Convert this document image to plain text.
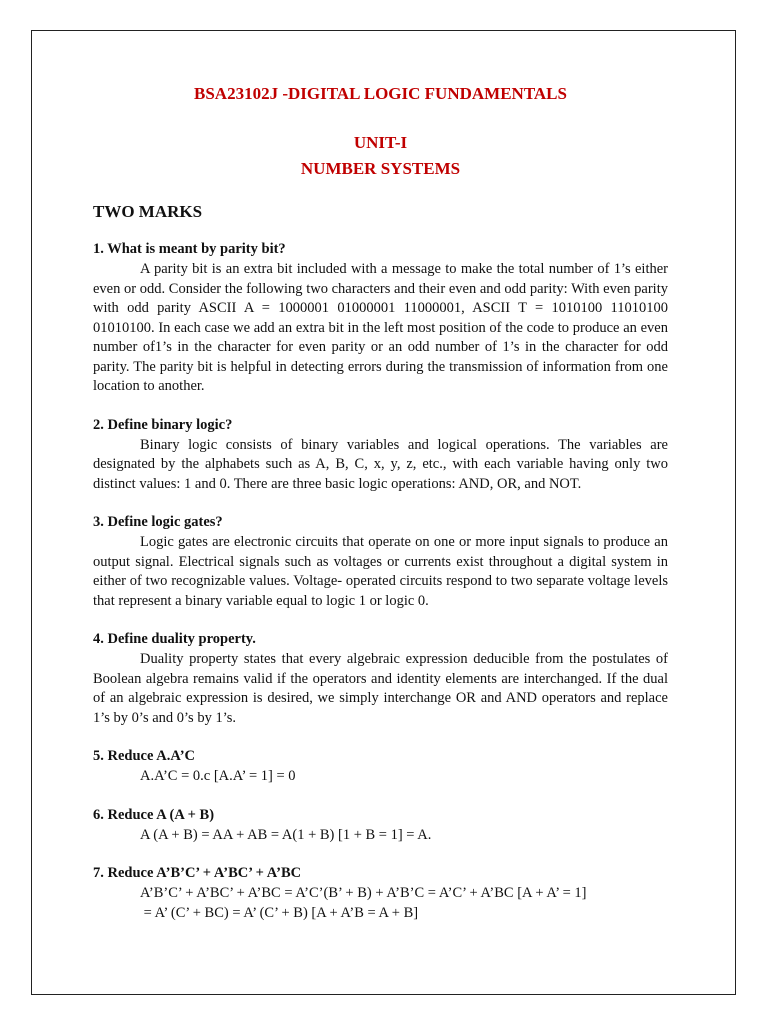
BSA23102J -DIGITAL LOGIC FUNDAMENTALS

UNIT-I

NUMBER SYSTEMS

TWO MARKS

1. What is meant by parity bit?

A parity bit is an extra bit included with a message to make the total number of 1’s either even or odd. Consider the following two characters and their even and odd parity: With even parity with odd parity ASCII A = 1000001 01000001 11000001, ASCII T = 1010100 11010100 01010100. In each case we add an extra bit in the left most position of the code to produce an even number of1’s in the character for even parity or an odd number of 1’s in the character for odd parity. The parity bit is helpful in detecting errors during the transmission of information from one location to another.

2. Define binary logic?

Binary logic consists of binary variables and logical operations. The variables are designated by the alphabets such as A, B, C, x, y, z, etc., with each variable having only two distinct values: 1 and 0. There are three basic logic operations: AND, OR, and NOT.

3. Define logic gates?

Logic gates are electronic circuits that operate on one or more input signals to produce an output signal. Electrical signals such as voltages or currents exist throughout a digital system in either of two recognizable values. Voltage- operated circuits respond to two separate voltage levels that represent a binary variable equal to logic 1 or logic 0.

4. Define duality property.

Duality property states that every algebraic expression deducible from the postulates of Boolean algebra remains valid if the operators and identity elements are interchanged. If the dual of an algebraic expression is desired, we simply interchange OR and AND operators and replace 1’s by 0’s and 0’s by 1’s.

5. Reduce A.A’C

A.A’C = 0.c [A.A’ = 1] = 0

6. Reduce A (A + B)

A (A + B) = AA + AB = A(1 + B) [1 + B = 1] = A.

7. Reduce A’B’C’ + A’BC’ + A’BC

A’B’C’ + A’BC’ + A’BC = A’C’(B’ + B) + A’B’C = A’C’ + A’BC [A + A’ = 1]

= A’ (C’ + BC) = A’ (C’ + B) [A + A’B = A + B]
